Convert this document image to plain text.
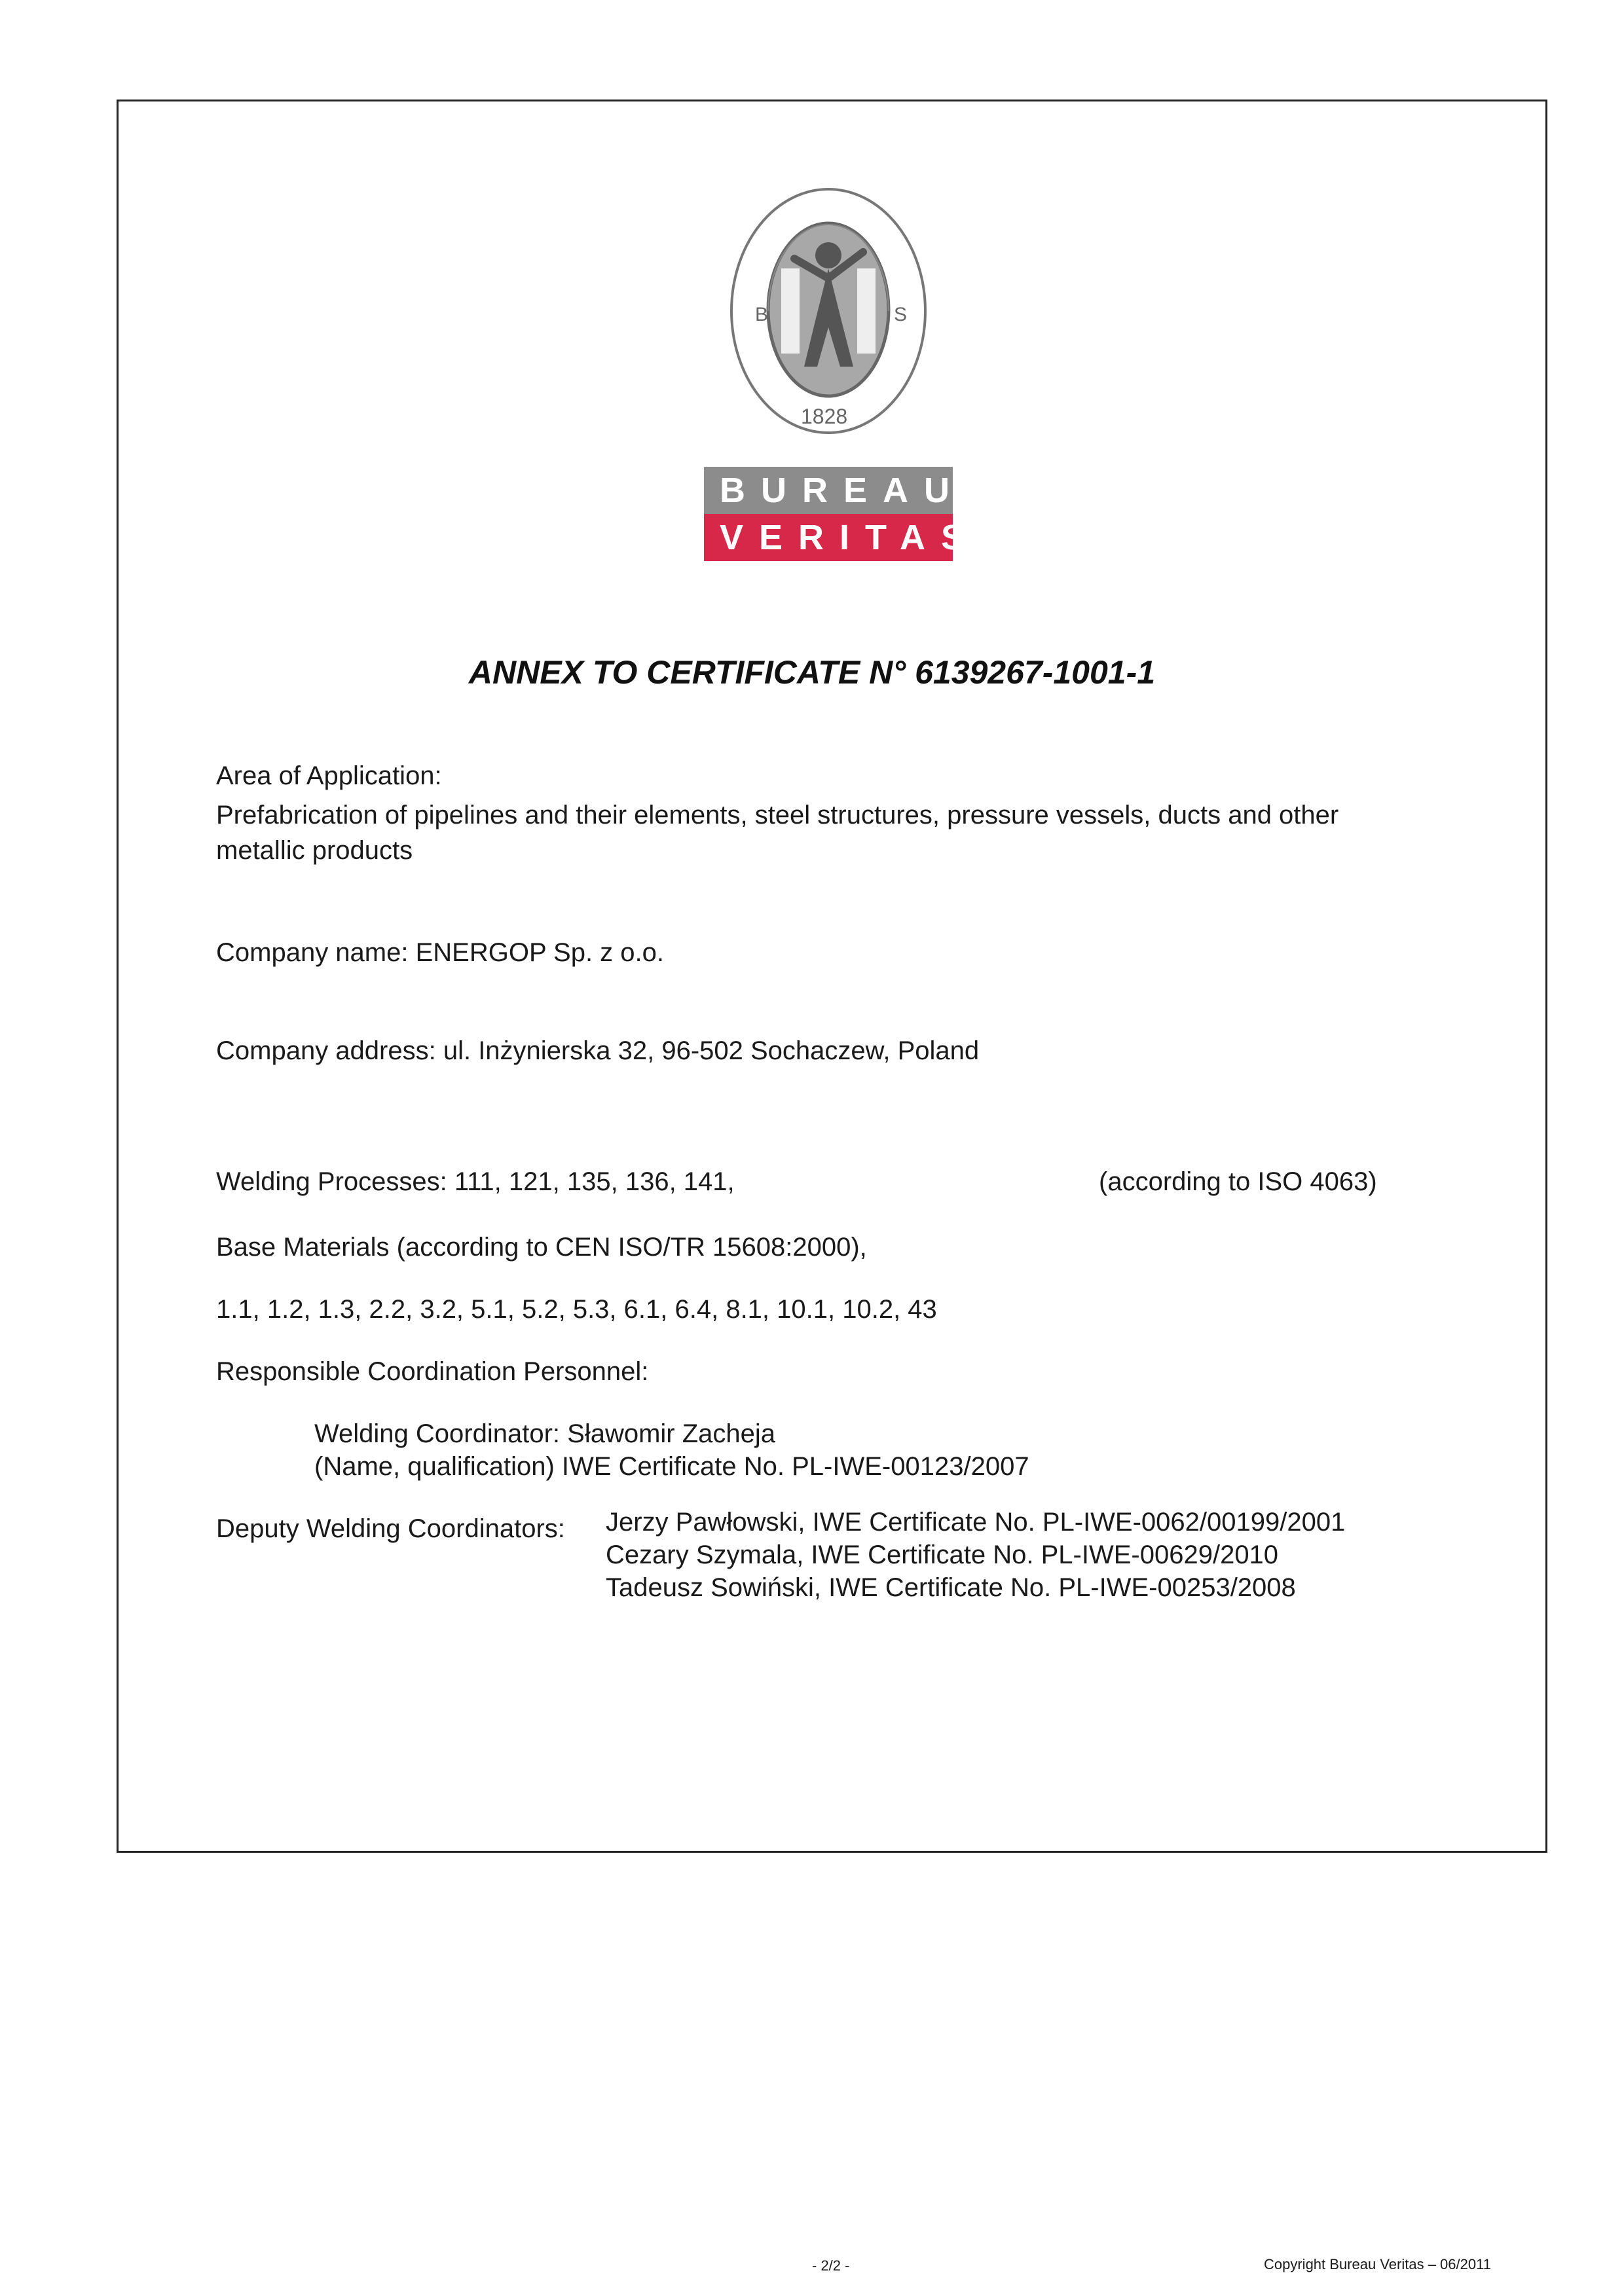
B	S
1828
BUREAU
VERITAS
ANNEX TO CERTIFICATE N° 6139267-1001-1
Area of Application:
Prefabrication of pipelines and their elements, steel structures, pressure vessels, ducts and other metallic products
Company name: ENERGOP Sp. z o.o.
Company address: ul. Inżynierska 32, 96-502 Sochaczew, Poland
Welding Processes: 111, 121, 135, 136, 141,	(according to ISO 4063)
Base Materials (according to CEN ISO/TR 15608:2000),
1.1, 1.2, 1.3, 2.2, 3.2, 5.1, 5.2, 5.3, 6.1, 6.4, 8.1, 10.1, 10.2, 43
Responsible Coordination Personnel:
Welding Coordinator: Sławomir Zacheja
(Name, qualification) IWE Certificate No. PL-IWE-00123/2007
Deputy Welding Coordinators: Jerzy Pawłowski, IWE Certificate No. PL-IWE-0062/00199/2001
Cezary Szymala, IWE Certificate No. PL-IWE-00629/2010
Tadeusz Sowiński, IWE Certificate No. PL-IWE-00253/2008
- 2/2 -	Copyright Bureau Veritas – 06/2011
